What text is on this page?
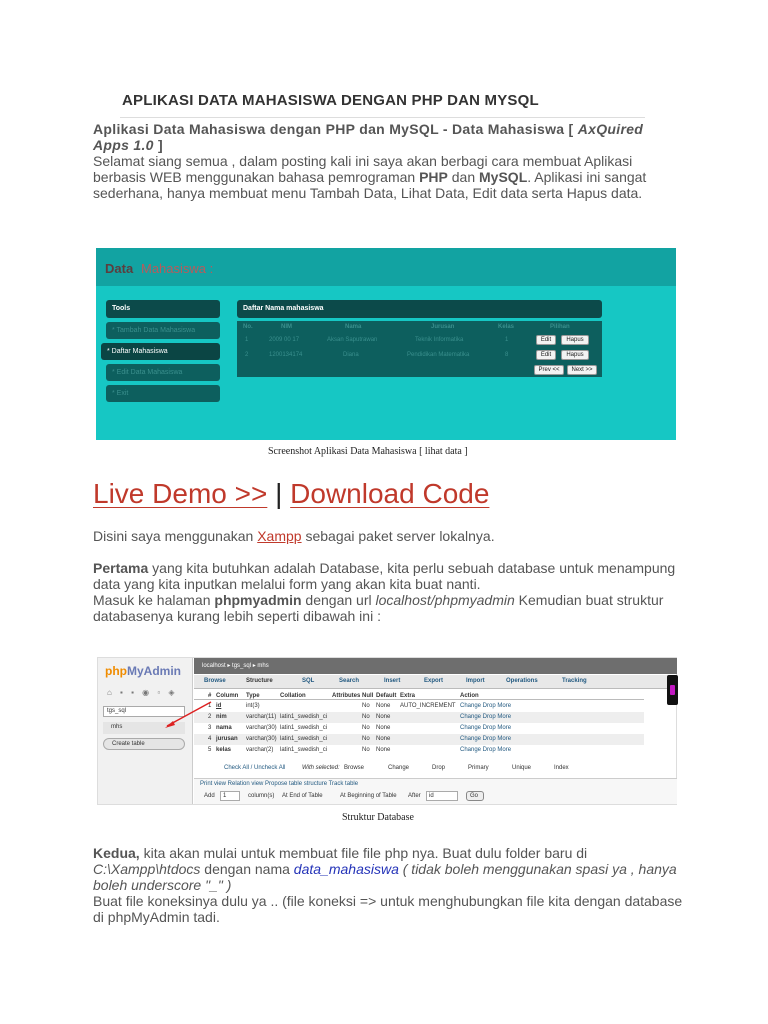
APLIKASI DATA MAHASISWA DENGAN PHP DAN MYSQL
Aplikasi Data Mahasiswa dengan PHP dan MySQL - Data Mahasiswa [ AxQuired Apps 1.0 ]
Selamat siang semua , dalam posting kali ini saya akan berbagi cara membuat Aplikasi berbasis WEB menggunakan bahasa pemrograman PHP dan MySQL. Aplikasi ini sangat sederhana, hanya membuat menu Tambah Data, Lihat Data, Edit data serta Hapus data.
Data Mahasiswa :
Tools
* Tambah Data Mahasiswa
* Daftar Mahasiswa
* Edit Data Mahasiswa
* Exit
Daftar Nama mahasiswa
No.	NIM	Nama	Jurusan	Kelas	Pilihan
1	2009 00 17	Aksan Saputrawan	Teknik Informatika	1	Edit	Hapus
2	1200134174	Diana	Pendidikan Matematika	8	Edit	Hapus
Prev <<	Next >>
Screenshot Aplikasi Data Mahasiswa [ lihat data ]
Live Demo >> | Download Code
Disini saya menggunakan Xampp sebagai paket server lokalnya.
Pertama yang kita butuhkan adalah Database, kita perlu sebuah database untuk menampung data yang kita inputkan melalui form yang akan kita buat nanti.
Masuk ke halaman phpmyadmin dengan url localhost/phpmyadmin Kemudian buat struktur databasenya kurang lebih seperti dibawah ini :
phpMyAdmin
⌂ ▪ ▪ ◉ ▫ ◈
tgs_sql
mhs
Create table
localhost ▸ tgs_sql ▸ mhs
Browse	Structure	SQL	Search	Insert	Export	Import	Operations	Tracking
# Column Type	Collation	Attributes Null Default Extra	Action
1 id	int(3)	No None AUTO_INCREMENT Change Drop More
2 nim	varchar(11) latin1_swedish_ci	No None	Change Drop More
3 nama varchar(30) latin1_swedish_ci	No None	Change Drop More
4 jurusan varchar(30) latin1_swedish_ci	No None	Change Drop More
5 kelas varchar(2) latin1_swedish_ci	No None	Change Drop More
Check All / Uncheck All	With selected: Browse	Change	Drop	Primary	Unique	Index
Print view Relation view Propose table structure Track table
Add	1	column(s) At End of Table	At Beginning of Table After	id	Go
Struktur Database
Kedua, kita akan mulai untuk membuat file file php nya. Buat dulu folder baru di C:\Xampp\htdocs dengan nama data_mahasiswa ( tidak boleh menggunakan spasi ya , hanya boleh underscore "_" )
Buat file koneksinya dulu ya .. (file koneksi => untuk menghubungkan file kita dengan database di phpMyAdmin tadi.
